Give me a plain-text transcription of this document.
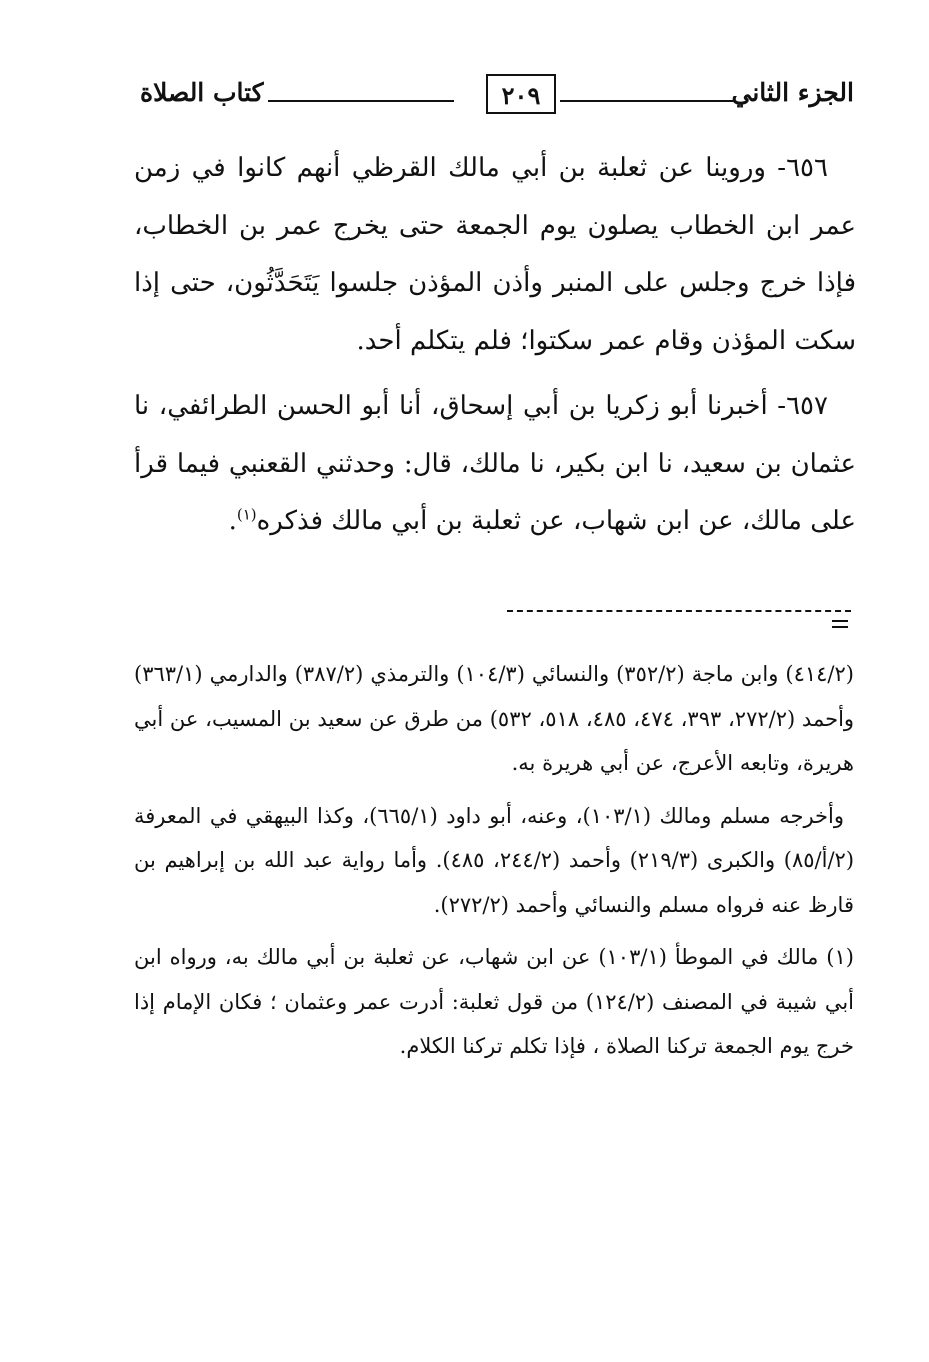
الجزء الثاني
٢٠٩
كتاب الصلاة

٦٥٦- وروينا عن ثعلبة بن أبي مالك القرظي أنهم كانوا في زمن عمر ابن الخطاب يصلون يوم الجمعة حتى يخرج عمر بن الخطاب، فإذا خرج وجلس على المنبر وأذن المؤذن جلسوا يَتَحَدَّثُون، حتى إذا سكت المؤذن وقام عمر سكتوا؛ فلم يتكلم أحد.

٦٥٧- أخبرنا أبو زكريا بن أبي إسحاق، أنا أبو الحسن الطرائفي، نا عثمان بن سعيد، نا ابن بكير، نا مالك، قال: وحدثني القعنبي فيما قرأ على مالك، عن ابن شهاب، عن ثعلبة بن أبي مالك فذكره$^{(١)}$.

(٤١٤/٢) وابن ماجة (٣٥٢/٢) والنسائي (١٠٤/٣) والترمذي (٣٨٧/٢) والدارمي (٣٦٣/١) وأحمد (٢٧٢/٢، ٣٩٣، ٤٧٤، ٤٨٥، ٥١٨، ٥٣٢) من طرق عن سعيد بن المسيب، عن أبي هريرة، وتابعه الأعرج، عن أبي هريرة به.

وأخرجه مسلم ومالك (١٠٣/١)، وعنه، أبو داود (٦٦٥/١)، وكذا البيهقي في المعرفة (٢/أ/٨٥) والكبرى (٢١٩/٣) وأحمد (٢٤٤/٢، ٤٨٥). وأما رواية عبد الله بن إبراهيم بن قارظ عنه فرواه مسلم والنسائي وأحمد (٢٧٢/٢).

(١) مالك في الموطأ (١٠٣/١) عن ابن شهاب، عن ثعلبة بن أبي مالك به، ورواه ابن أبي شيبة في المصنف (١٢٤/٢) من قول ثعلبة: أدرت عمر وعثمان ؛ فكان الإمام إذا خرج يوم الجمعة تركنا الصلاة ، فإذا تكلم تركنا الكلام.
